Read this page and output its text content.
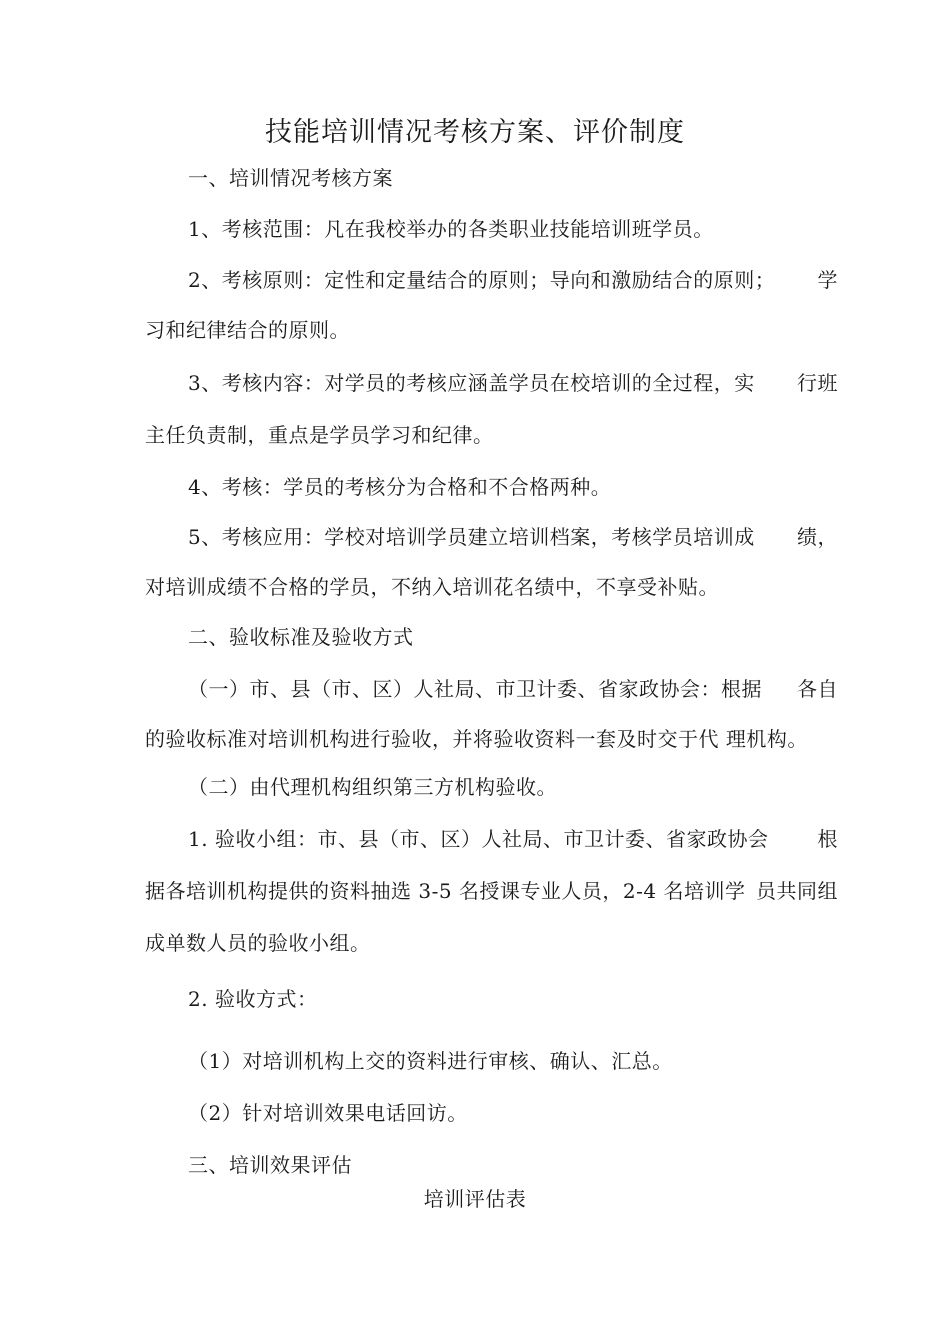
技能培训情况考核方案、评价制度
一、培训情况考核方案
1、考核范围：凡在我校举办的各类职业技能培训班学员。
2、考核原则：定性和定量结合的原则；导向和激励结合的原则； 学
习和纪律结合的原则。
3、考核内容：对学员的考核应涵盖学员在校培训的全过程，实 行班
主任负责制，重点是学员学习和纪律。
4、考核：学员的考核分为合格和不合格两种。
5、考核应用：学校对培训学员建立培训档案，考核学员培训成 绩，
对培训成绩不合格的学员，不纳入培训花名绩中，不享受补贴。
二、验收标准及验收方式
（一）市、县（市、区）人社局、市卫计委、省家政协会：根据 各自
的验收标准对培训机构进行验收，并将验收资料一套及时交于代 理机构。
（二）由代理机构组织第三方机构验收。
1. 验收小组：市、县（市、区）人社局、市卫计委、省家政协会 根
据各培训机构提供的资料抽选 3-5 名授课专业人员，2-4 名培训学 员共同组
成单数人员的验收小组。
2. 验收方式：
（1）对培训机构上交的资料进行审核、确认、汇总。
（2）针对培训效果电话回访。
三、培训效果评估
培训评估表
